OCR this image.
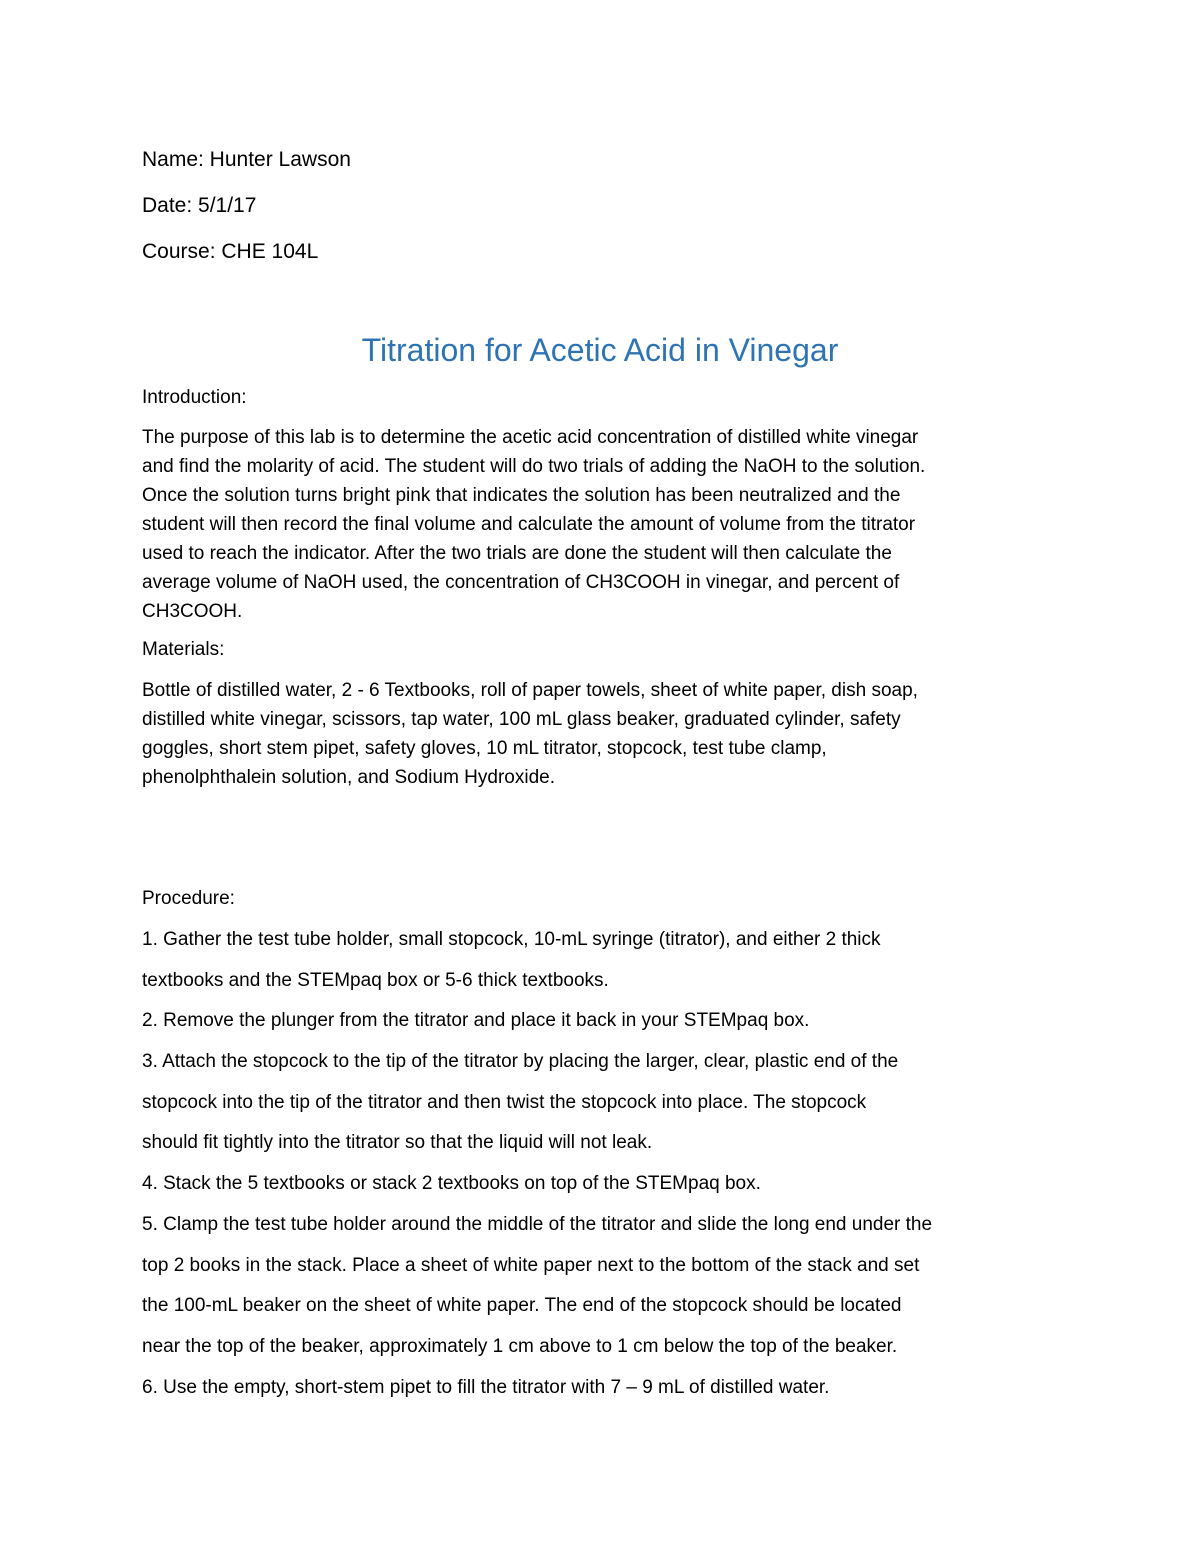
Name: Hunter Lawson
Date: 5/1/17
Course: CHE 104L
Titration for Acetic Acid in Vinegar
Introduction:
The purpose of this lab is to determine the acetic acid concentration of distilled white vinegar
and find the molarity of acid. The student will do two trials of adding the NaOH to the solution.
Once the solution turns bright pink that indicates the solution has been neutralized and the
student will then record the final volume and calculate the amount of volume from the titrator
used to reach the indicator. After the two trials are done the student will then calculate the
average volume of NaOH used, the concentration of CH3COOH in vinegar, and percent of
CH3COOH.
Materials:
Bottle of distilled water, 2 - 6 Textbooks, roll of paper towels, sheet of white paper, dish soap,
distilled white vinegar, scissors, tap water, 100 mL glass beaker, graduated cylinder, safety
goggles, short stem pipet, safety gloves, 10 mL titrator, stopcock, test tube clamp,
phenolphthalein solution, and Sodium Hydroxide.
Procedure:
1. Gather the test tube holder, small stopcock, 10-mL syringe (titrator), and either 2 thick
textbooks and the STEMpaq box or 5-6 thick textbooks.
2. Remove the plunger from the titrator and place it back in your STEMpaq box.
3. Attach the stopcock to the tip of the titrator by placing the larger, clear, plastic end of the
stopcock into the tip of the titrator and then twist the stopcock into place. The stopcock
should fit tightly into the titrator so that the liquid will not leak.
4. Stack the 5 textbooks or stack 2 textbooks on top of the STEMpaq box.
5. Clamp the test tube holder around the middle of the titrator and slide the long end under the
top 2 books in the stack. Place a sheet of white paper next to the bottom of the stack and set
the 100-mL beaker on the sheet of white paper. The end of the stopcock should be located
near the top of the beaker, approximately 1 cm above to 1 cm below the top of the beaker.
6. Use the empty, short-stem pipet to fill the titrator with 7 – 9 mL of distilled water.
